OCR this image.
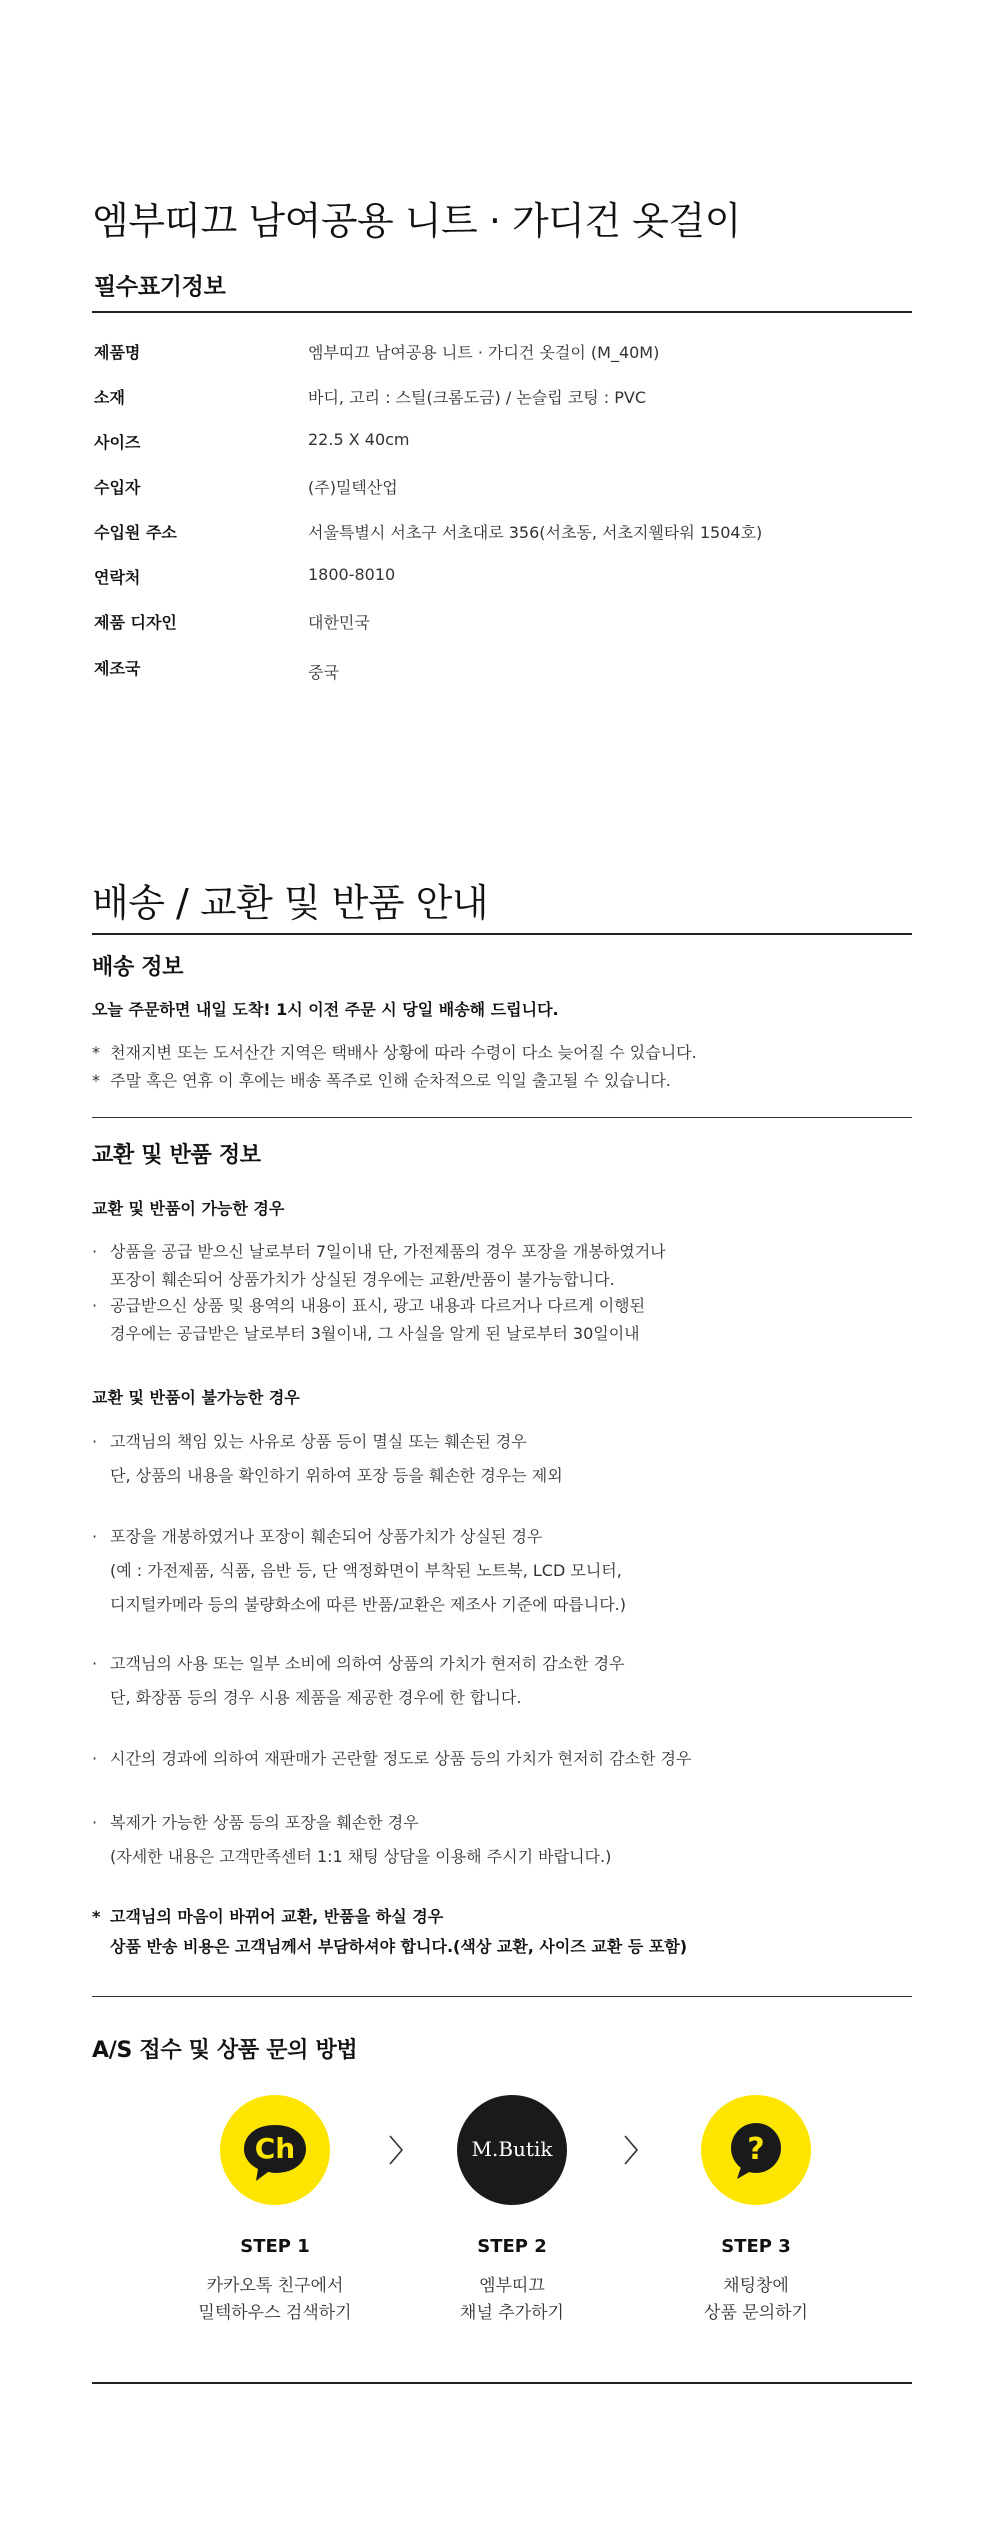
엠부띠끄 남여공용 니트 · 가디건 옷걸이
필수표기정보
제품명	엠부띠끄 남여공용 니트 · 가디건 옷걸이 (M_40M)
소재	바디, 고리 : 스틸(크롬도금) / 논슬립 코팅 : PVC
사이즈	22.5 X 40cm
수입자	(주)밀텍산업
수입원 주소	서울특별시 서초구 서초대로 356(서초동, 서초지웰타워 1504호)
연락처	1800-8010
제품 디자인	대한민국
제조국	중국
배송 / 교환 및 반품 안내
배송 정보
오늘 주문하면 내일 도착! 1시 이전 주문 시 당일 배송해 드립니다.
*  천재지변 또는 도서산간 지역은 택배사 상황에 따라 수령이 다소 늦어질 수 있습니다.
*  주말 혹은 연휴 이 후에는 배송 폭주로 인해 순차적으로 익일 출고될 수 있습니다.
교환 및 반품 정보
교환 및 반품이 가능한 경우
· 상품을 공급 받으신 날로부터 7일이내 단, 가전제품의 경우 포장을 개봉하였거나
포장이 훼손되어 상품가치가 상실된 경우에는 교환/반품이 불가능합니다.
· 공급받으신 상품 및 용역의 내용이 표시, 광고 내용과 다르거나 다르게 이행된
경우에는 공급받은 날로부터 3월이내, 그 사실을 알게 된 날로부터 30일이내
교환 및 반품이 불가능한 경우
· 고객님의 책임 있는 사유로 상품 등이 멸실 또는 훼손된 경우
단, 상품의 내용을 확인하기 위하여 포장 등을 훼손한 경우는 제외
· 포장을 개봉하였거나 포장이 훼손되어 상품가치가 상실된 경우
(예 : 가전제품, 식품, 음반 등, 단 액정화면이 부착된 노트북, LCD 모니터,
디지털카메라 등의 불량화소에 따른 반품/교환은 제조사 기준에 따릅니다.)
· 고객님의 사용 또는 일부 소비에 의하여 상품의 가치가 현저히 감소한 경우
단, 화장품 등의 경우 시용 제품을 제공한 경우에 한 합니다.
· 시간의 경과에 의하여 재판매가 곤란할 정도로 상품 등의 가치가 현저히 감소한 경우
· 복제가 가능한 상품 등의 포장을 훼손한 경우
(자세한 내용은 고객만족센터 1:1 채팅 상담을 이용해 주시기 바랍니다.)
* 고객님의 마음이 바뀌어 교환, 반품을 하실 경우
상품 반송 비용은 고객님께서 부담하셔야 합니다.(색상 교환, 사이즈 교환 등 포함)
A/S 접수 및 상품 문의 방법
Ch	M.Butik	?
STEP 1
카카오톡 친구에서
밀텍하우스 검색하기
STEP 2
엠부띠끄
채널 추가하기
STEP 3
채팅창에
상품 문의하기
